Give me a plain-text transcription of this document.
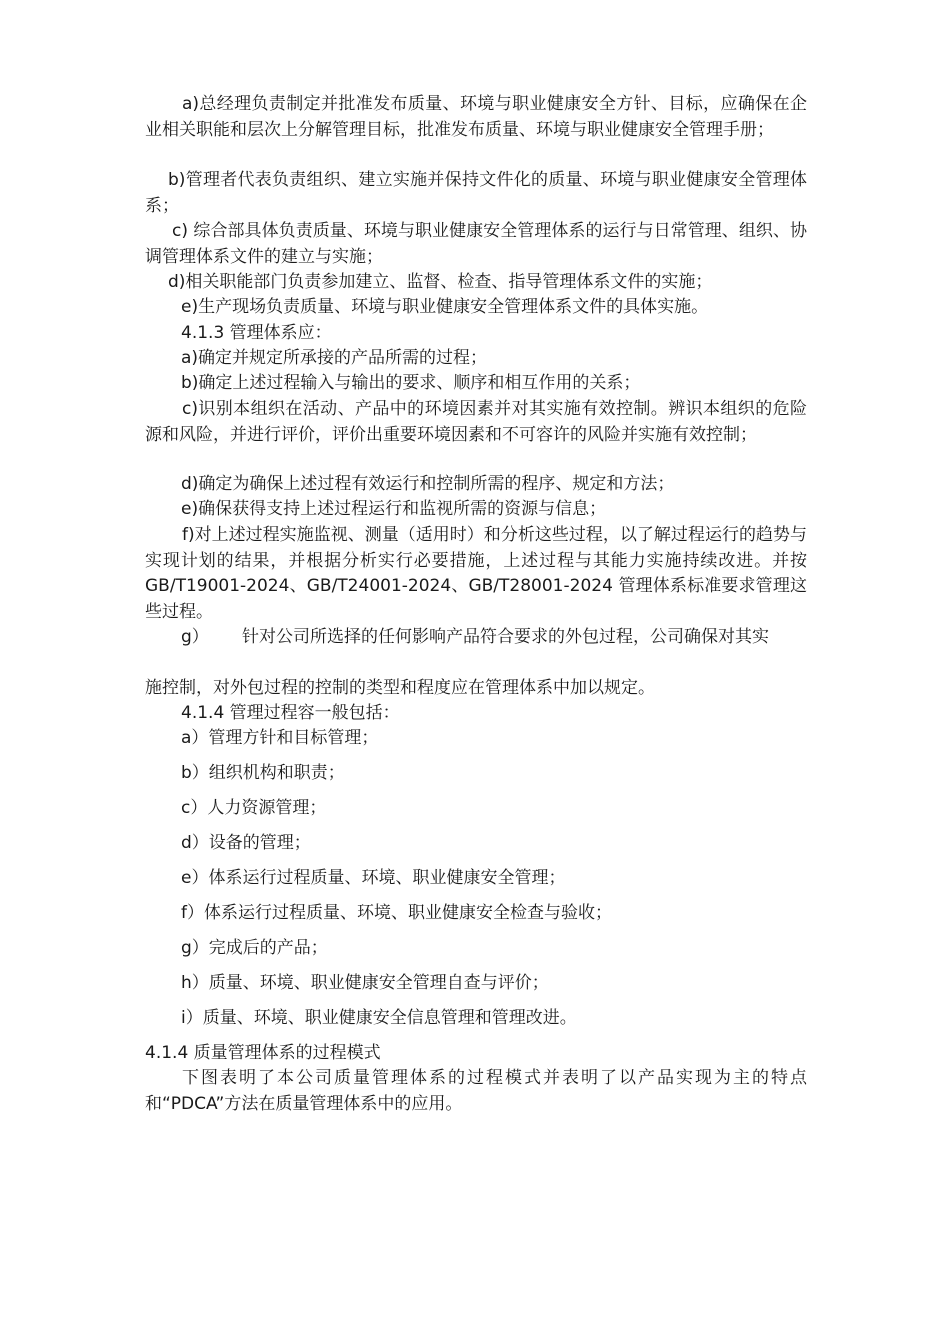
a)总经理负责制定并批准发布质量、环境与职业健康安全方针、目标，应确保在企业相关职能和层次上分解管理目标，批准发布质量、环境与职业健康安全管理手册；

b)管理者代表负责组织、建立实施并保持文件化的质量、环境与职业健康安全管理体系；

c) 综合部具体负责质量、环境与职业健康安全管理体系的运行与日常管理、组织、协调管理体系文件的建立与实施；

d)相关职能部门负责参加建立、监督、检查、指导管理体系文件的实施；

e)生产现场负责质量、环境与职业健康安全管理体系文件的具体实施。

4.1.3 管理体系应：

a)确定并规定所承接的产品所需的过程；

b)确定上述过程输入与输出的要求、顺序和相互作用的关系；

c)识别本组织在活动、产品中的环境因素并对其实施有效控制。辨识本组织的危险源和风险，并进行评价，评价出重要环境因素和不可容许的风险并实施有效控制；

d)确定为确保上述过程有效运行和控制所需的程序、规定和方法；

e)确保获得支持上述过程运行和监视所需的资源与信息；

f)对上述过程实施监视、测量（适用时）和分析这些过程，以了解过程运行的趋势与实现计划的结果，并根据分析实行必要措施，上述过程与其能力实施持续改进。并按 GB/T19001-2024、GB/T24001-2024、GB/T28001-2024 管理体系标准要求管理这些过程。

g）	针对公司所选择的任何影响产品符合要求的外包过程，公司确保对其实

施控制，对外包过程的控制的类型和程度应在管理体系中加以规定。

4.1.4 管理过程容一般包括：

a）管理方针和目标管理；

b）组织机构和职责；

c）人力资源管理；

d）设备的管理；

e）体系运行过程质量、环境、职业健康安全管理；

f）体系运行过程质量、环境、职业健康安全检查与验收；

g）完成后的产品；

h）质量、环境、职业健康安全管理自查与评价；

i）质量、环境、职业健康安全信息管理和管理改进。

4.1.4 质量管理体系的过程模式

下图表明了本公司质量管理体系的过程模式并表明了以产品实现为主的特点和“PDCA”方法在质量管理体系中的应用。
